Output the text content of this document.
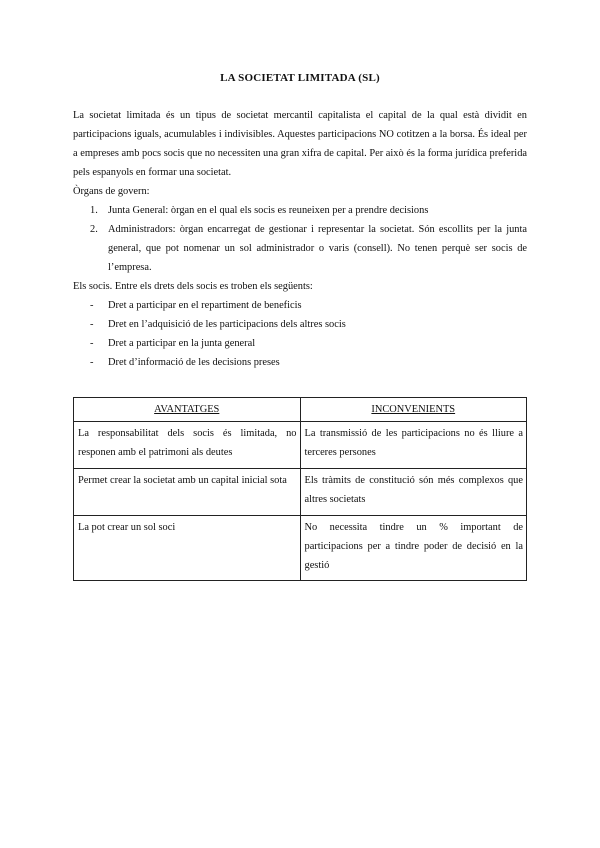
LA SOCIETAT LIMITADA (SL)

La societat limitada és un tipus de societat mercantil capitalista el capital de la qual està dividit en participacions iguals, acumulables i indivisibles. Aquestes participacions NO cotitzen a la borsa. És ideal per a empreses amb pocs socis que no necessiten una gran xifra de capital. Per això és la forma jurídica preferida pels espanyols en formar una societat.

Òrgans de govern:

1. Junta General: òrgan en el qual els socis es reuneixen per a prendre decisions
2. Administradors: òrgan encarregat de gestionar i representar la societat. Són escollits per la junta general, que pot nomenar un sol administrador o varis (consell). No tenen perquè ser socis de l’empresa.

Els socis. Entre els drets dels socis es troben els següents:

- Dret a participar en el repartiment de beneficis
- Dret en l’adquisició de les participacions dels altres socis
- Dret a participar en la junta general
- Dret d’informació de les decisions preses
AVANTATGES	INCONVENIENTS
La responsabilitat dels socis és limitada, no responen amb el patrimoni als deutes	La transmissió de les participacions no és lliure a terceres persones
Permet crear la societat amb un capital inicial sota	Els tràmits de constitució són més complexos que altres societats
La pot crear un sol soci	No necessita tindre un % important de participacions per a tindre poder de decisió en la gestió
